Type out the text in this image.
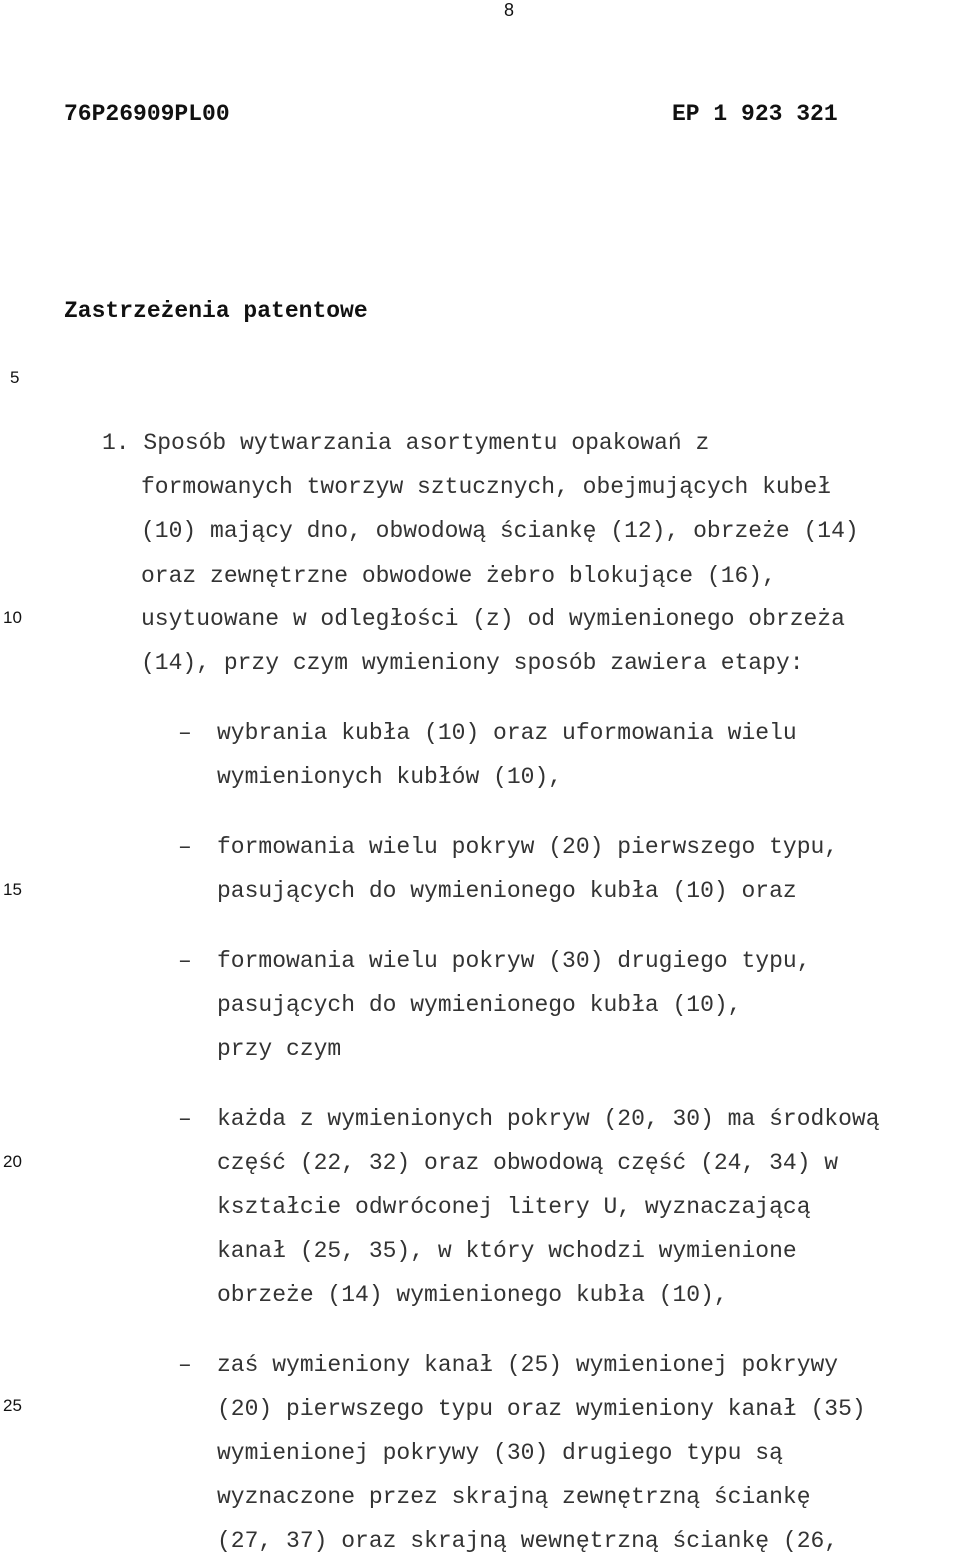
8
76P26909PL00	EP 1 923 321
Zastrzeżenia patentowe
5
10
15
20
25
1. Sposób wytwarzania asortymentu opakowań z
formowanych tworzyw sztucznych, obejmujących kubeł
(10) mający dno, obwodową ściankę (12), obrzeże (14)
oraz zewnętrzne obwodowe żebro blokujące (16),
usytuowane w odległości (z) od wymienionego obrzeża
(14), przy czym wymieniony sposób zawiera etapy:
– wybrania kubła (10) oraz uformowania wielu
wymienionych kubłów (10),
– formowania wielu pokryw (20) pierwszego typu,
pasujących do wymienionego kubła (10) oraz
– formowania wielu pokryw (30) drugiego typu,
pasujących do wymienionego kubła (10),
przy czym
– każda z wymienionych pokryw (20, 30) ma środkową
część (22, 32) oraz obwodową część (24, 34) w
kształcie odwróconej litery U, wyznaczającą
kanał (25, 35), w który wchodzi wymienione
obrzeże (14) wymienionego kubła (10),
– zaś wymieniony kanał (25) wymienionej pokrywy
(20) pierwszego typu oraz wymieniony kanał (35)
wymienionej pokrywy (30) drugiego typu są
wyznaczone przez skrajną zewnętrzną ściankę
(27, 37) oraz skrajną wewnętrzną ściankę (26,
